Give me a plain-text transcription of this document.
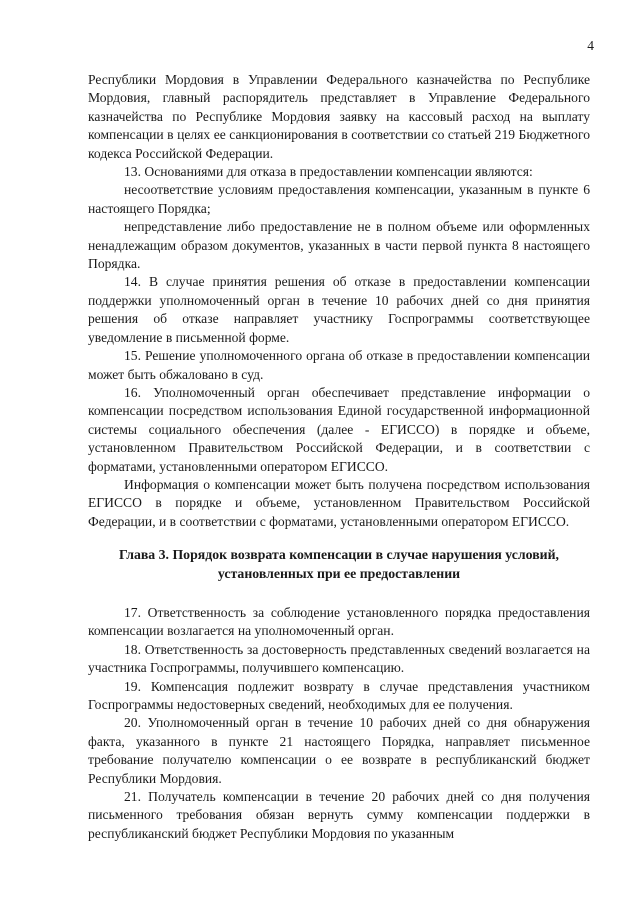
4

Республики Мордовия в Управлении Федерального казначейства по Республике Мордовия, главный распорядитель представляет в Управление Федерального казначейства по Республике Мордовия заявку на кассовый расход на выплату компенсации в целях ее санкционирования в соответствии со статьей 219 Бюджетного кодекса Российской Федерации.

13. Основаниями для отказа в предоставлении компенсации являются:

несоответствие условиям предоставления компенсации, указанным в пункте 6 настоящего Порядка;

непредставление либо предоставление не в полном объеме или оформленных ненадлежащим образом документов, указанных в части первой пункта 8 настоящего Порядка.

14. В случае принятия решения об отказе в предоставлении компенсации поддержки уполномоченный орган в течение 10 рабочих дней со дня принятия решения об отказе направляет участнику Госпрограммы соответствующее уведомление в письменной форме.

15. Решение уполномоченного органа об отказе в предоставлении компенсации может быть обжаловано в суд.

16. Уполномоченный орган обеспечивает представление информации о компенсации посредством использования Единой государственной информационной системы социального обеспечения (далее - ЕГИССО) в порядке и объеме, установленном Правительством Российской Федерации, и в соответствии с форматами, установленными оператором ЕГИССО.

Информация о компенсации может быть получена посредством использования ЕГИССО в порядке и объеме, установленном Правительством Российской Федерации, и в соответствии с форматами, установленными оператором ЕГИССО.

Глава 3. Порядок возврата компенсации в случае нарушения условий,
установленных при ее предоставлении

17. Ответственность за соблюдение установленного порядка предоставления компенсации возлагается на уполномоченный орган.

18. Ответственность за достоверность представленных сведений возлагается на участника Госпрограммы, получившего компенсацию.

19. Компенсация подлежит возврату в случае представления участником Госпрограммы недостоверных сведений, необходимых для ее получения.

20. Уполномоченный орган в течение 10 рабочих дней со дня обнаружения факта, указанного в пункте 21 настоящего Порядка, направляет письменное требование получателю компенсации о ее возврате в республиканский бюджет Республики Мордовия.

21. Получатель компенсации в течение 20 рабочих дней со дня получения письменного требования обязан вернуть сумму компенсации поддержки в республиканский бюджет Республики Мордовия по указанным
